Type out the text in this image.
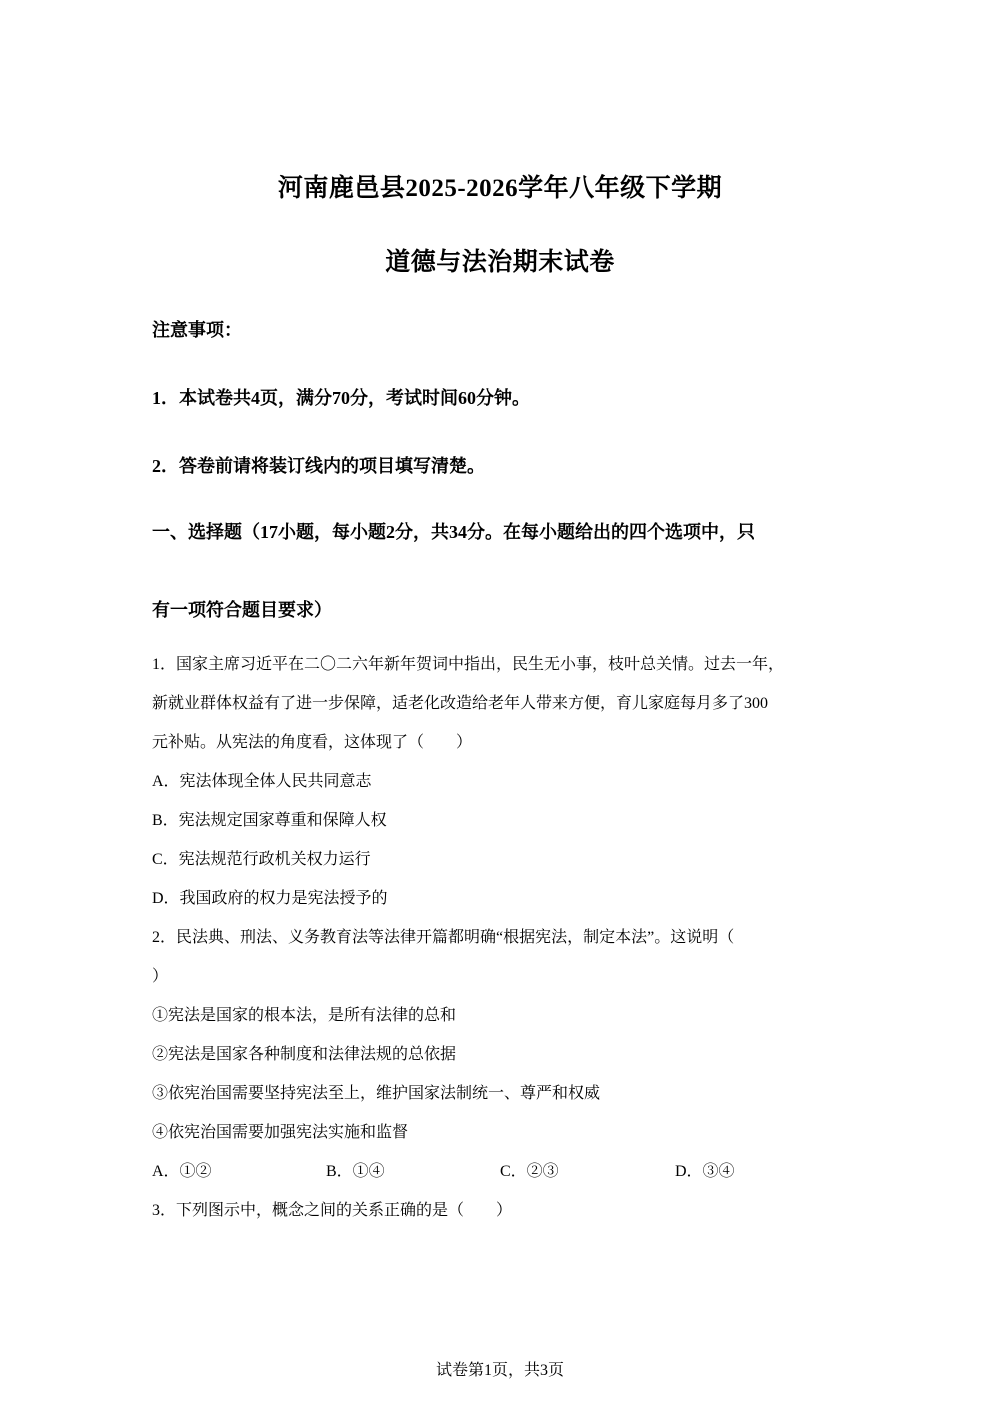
河南鹿邑县2025-2026学年八年级下学期
道德与法治期末试卷
注意事项：
1．本试卷共4页，满分70分，考试时间60分钟。
2．答卷前请将装订线内的项目填写清楚。
一、选择题（17小题，每小题2分，共34分。在每小题给出的四个选项中，只
有一项符合题目要求）
1．国家主席习近平在二〇二六年新年贺词中指出，民生无小事，枝叶总关情。过去一年，
新就业群体权益有了进一步保障，适老化改造给老年人带来方便，育儿家庭每月多了300
元补贴。从宪法的角度看，这体现了（　　）
A．宪法体现全体人民共同意志
B．宪法规定国家尊重和保障人权
C．宪法规范行政机关权力运行
D．我国政府的权力是宪法授予的
2．民法典、刑法、义务教育法等法律开篇都明确“根据宪法，制定本法”。这说明（
）
①宪法是国家的根本法，是所有法律的总和
②宪法是国家各种制度和法律法规的总依据
③依宪治国需要坚持宪法至上，维护国家法制统一、尊严和权威
④依宪治国需要加强宪法实施和监督
A．①②	B．①④	C．②③	D．③④
3．下列图示中，概念之间的关系正确的是（　　）
试卷第1页，共3页
